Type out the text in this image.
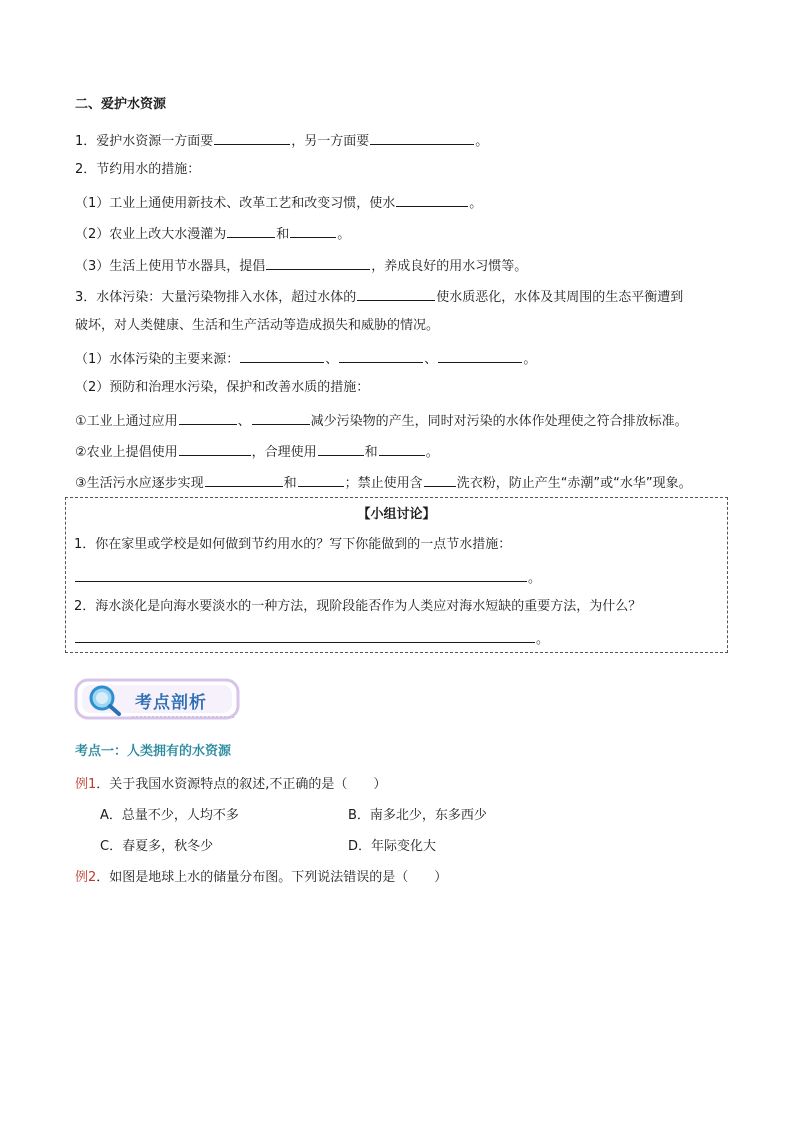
二、爱护水资源
1．爱护水资源一方面要	，另一方面要	。
2．节约用水的措施：
（1）工业上通使用新技术、改革工艺和改变习惯，使水	。
（2）农业上改大水漫灌为	和	。
（3）生活上使用节水器具，提倡	，养成良好的用水习惯等。
3．水体污染：大量污染物排入水体，超过水体的	使水质恶化，水体及其周围的生态平衡遭到
破坏，对人类健康、生活和生产活动等造成损失和威胁的情况。
（1）水体污染的主要来源：	、	、	。
（2）预防和治理水污染，保护和改善水质的措施：
①工业上通过应用	、	减少污染物的产生，同时对污染的水体作处理使之符合排放标准。
②农业上提倡使用	，合理使用	和	。
③生活污水应逐步实现	和	；禁止使用含	洗衣粉，防止产生“赤潮”或“水华”现象。
【小组讨论】
1．你在家里或学校是如何做到节约用水的？写下你能做到的一点节水措施：
。
2．海水淡化是向海水要淡水的一种方法，现阶段能否作为人类应对海水短缺的重要方法，为什么？
。
考点剖析
考点一：人类拥有的水资源
例1．关于我国水资源特点的叙述,不正确的是（　　）
A．总量不少，人均不多	B．南多北少，东多西少
C．春夏多，秋冬少	D．年际变化大
例2．如图是地球上水的储量分布图。下列说法错误的是（　　）
